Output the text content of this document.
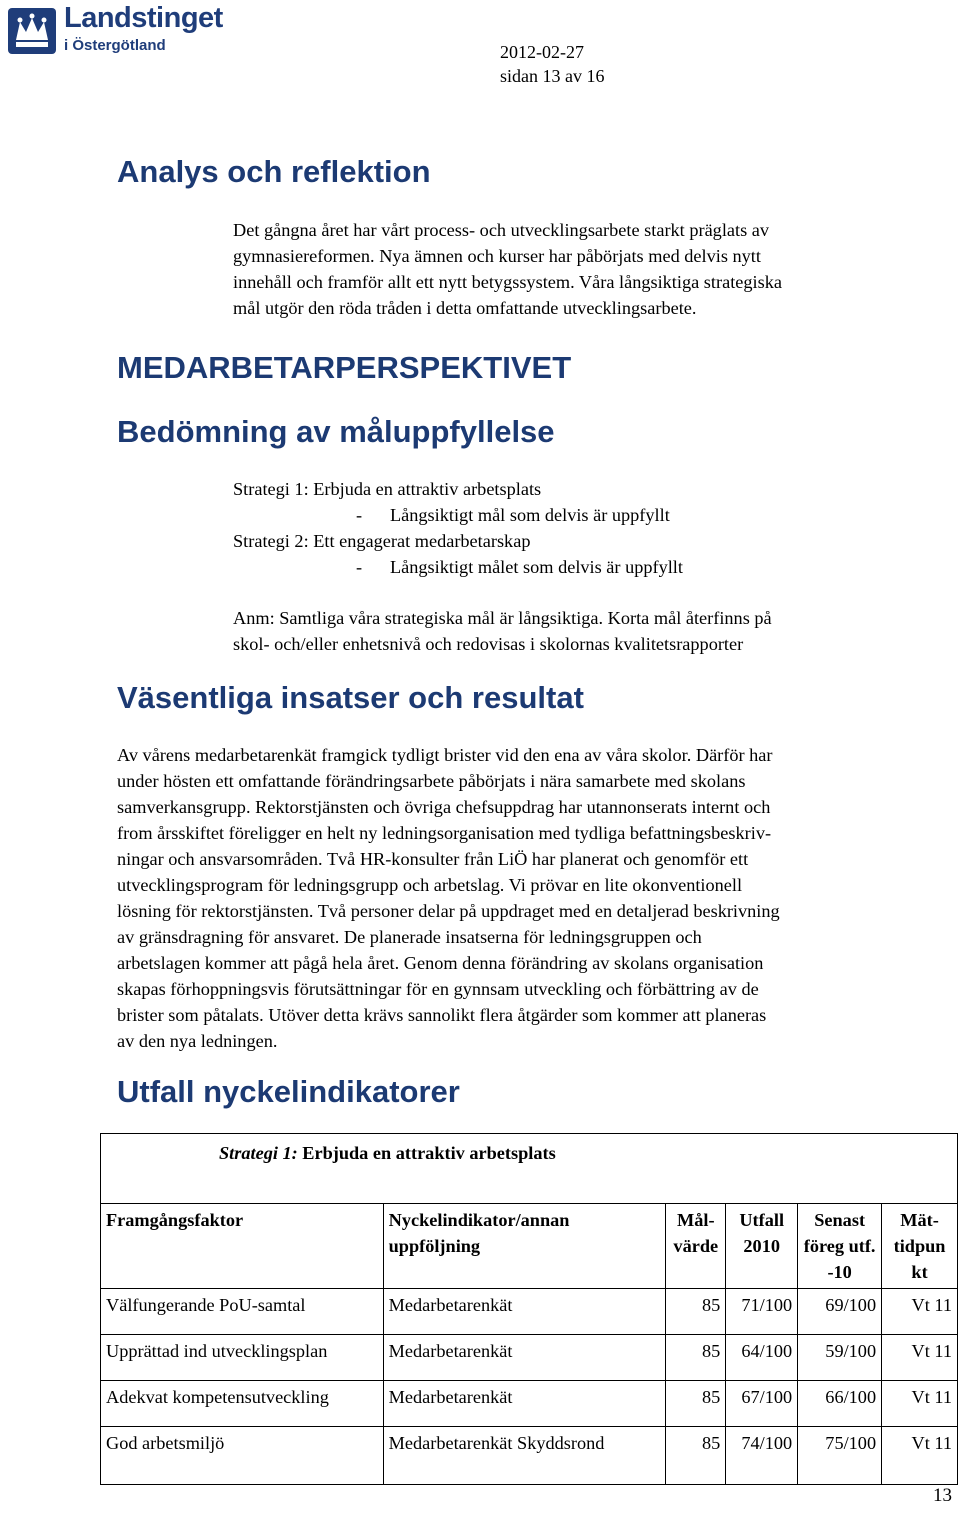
Landstinget
i Östergötland	2012-02-27
sidan 13 av 16
Analys och reflektion
Det gångna året har vårt process- och utvecklingsarbete starkt präglats av
gymnasiereformen. Nya ämnen och kurser har påbörjats med delvis nytt
innehåll och framför allt ett nytt betygssystem. Våra långsiktiga strategiska
mål utgör den röda tråden i detta omfattande utvecklingsarbete.
MEDARBETARPERSPEKTIVET
Bedömning av måluppfyllelse
Strategi 1: Erbjuda en attraktiv arbetsplats
- Långsiktigt mål som delvis är uppfyllt
Strategi 2: Ett engagerat medarbetarskap
- Långsiktigt målet som delvis är uppfyllt
Anm: Samtliga våra strategiska mål är långsiktiga. Korta mål återfinns på
skol- och/eller enhetsnivå och redovisas i skolornas kvalitetsrapporter
Väsentliga insatser och resultat
Av vårens medarbetarenkät framgick tydligt brister vid den ena av våra skolor. Därför har
under hösten ett omfattande förändringsarbete påbörjats i nära samarbete med skolans
samverkansgrupp. Rektorstjänsten och övriga chefsuppdrag har utannonserats internt och
from årsskiftet föreligger en helt ny ledningsorganisation med tydliga befattningsbeskriv-
ningar och ansvarsområden. Två HR-konsulter från LiÖ har planerat och genomför ett
utvecklingsprogram för ledningsgrupp och arbetslag. Vi prövar en lite okonventionell
lösning för rektorstjänsten. Två personer delar på uppdraget med en detaljerad beskrivning
av gränsdragning för ansvaret. De planerade insatserna för ledningsgruppen och
arbetslagen kommer att pågå hela året. Genom denna förändring av skolans organisation
skapas förhoppningsvis förutsättningar för en gynnsam utveckling och förbättring av de
brister som påtalats. Utöver detta krävs sannolikt flera åtgärder som kommer att planeras
av den nya ledningen.
Utfall nyckelindikatorer
Strategi 1: Erbjuda en attraktiv arbetsplats					
Framgångsfaktor	Nyckelindikator/annan uppföljning	Mål-värde	Utfall 2010	Senast föreg utf. -10	Mät-tidpun kt
Välfungerande PoU-samtal	Medarbetarenkät	85	71/100	69/100	Vt 11
Upprättad ind utvecklingsplan	Medarbetarenkät	85	64/100	59/100	Vt 11
Adekvat kompetensutveckling	Medarbetarenkät	85	67/100	66/100	Vt 11
God arbetsmiljö	Medarbetarenkät Skyddsrond	85	74/100	75/100	Vt 11
13
